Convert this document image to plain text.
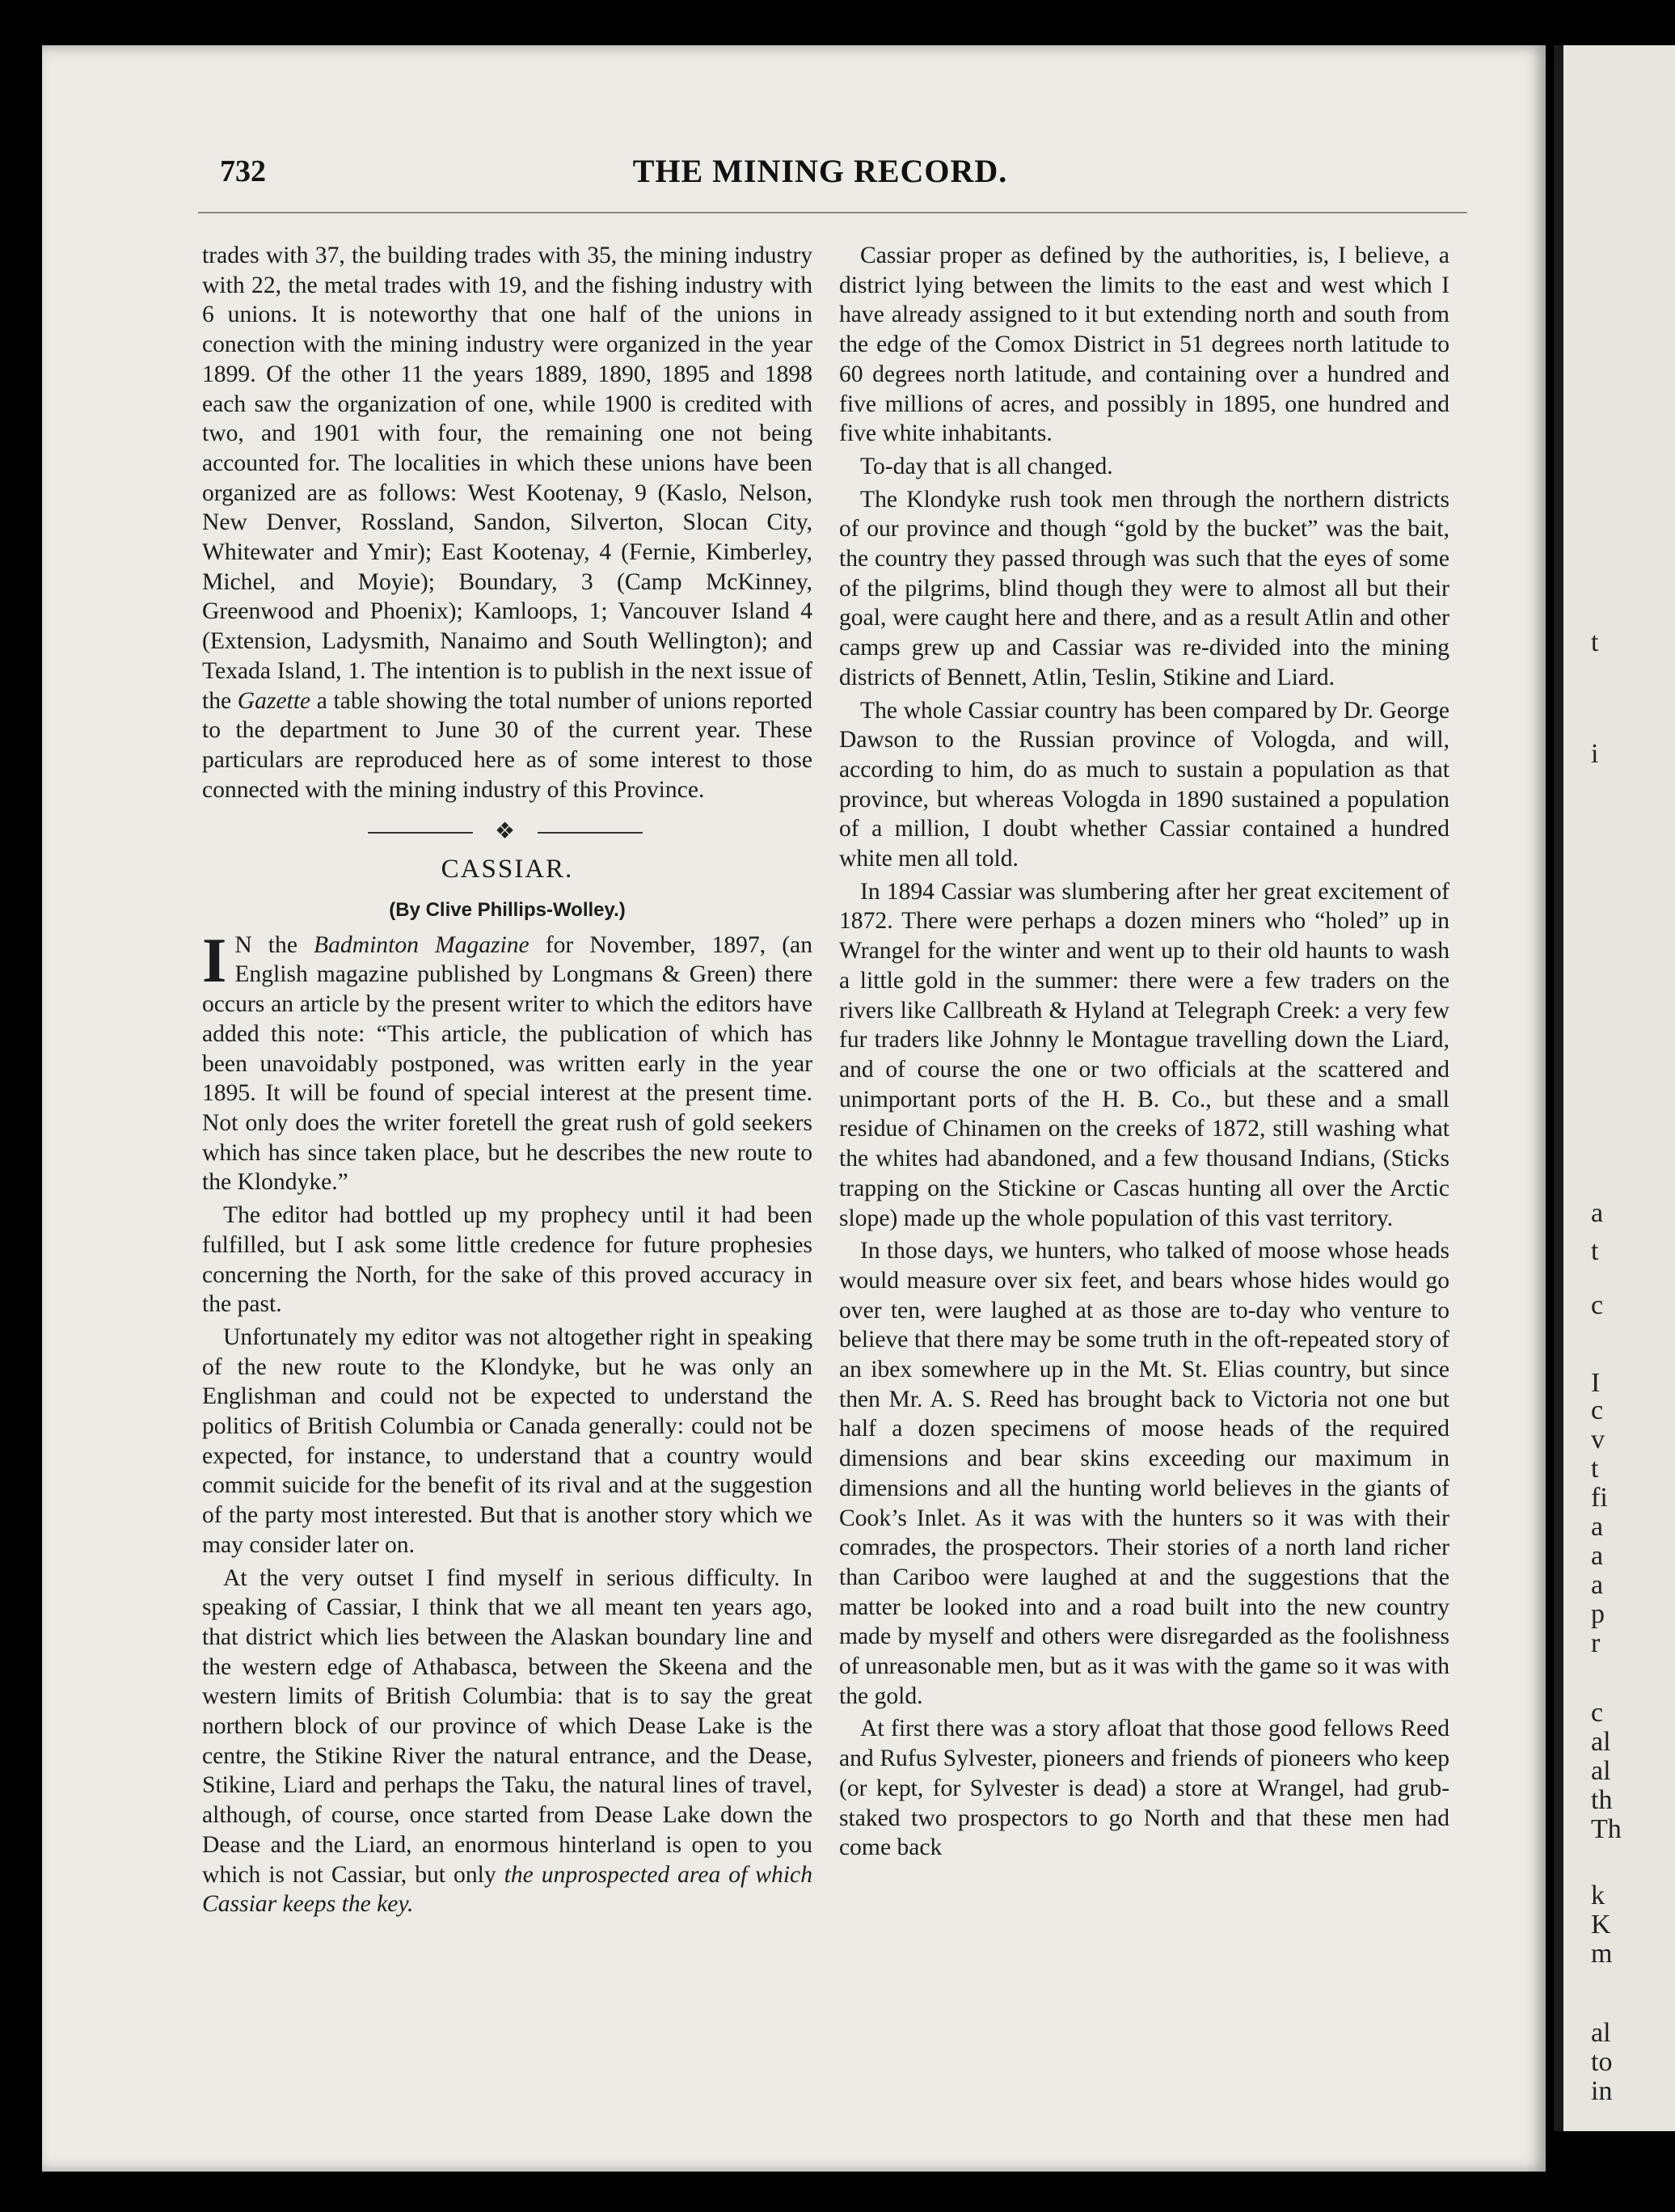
t
i
a
t
c
I
c
v
t
fi
a
a
a
p
r
c
al
al
th
Th
k
K
m
al
to
in
732	THE MINING RECORD.

trades with 37, the building trades with 35, the mining industry with 22, the metal trades with 19, and the fishing industry with 6 unions. It is noteworthy that one half of the unions in conection with the mining industry were organized in the year 1899. Of the other 11 the years 1889, 1890, 1895 and 1898 each saw the organization of one, while 1900 is credited with two, and 1901 with four, the remaining one not being accounted for. The localities in which these unions have been organized are as follows: West Kootenay, 9 (Kaslo, Nelson, New Denver, Rossland, Sandon, Silverton, Slocan City, Whitewater and Ymir); East Kootenay, 4 (Fernie, Kimberley, Michel, and Moyie); Boundary, 3 (Camp McKinney, Greenwood and Phoenix); Kamloops, 1; Vancouver Island 4 (Extension, Ladysmith, Nanaimo and South Wellington); and Texada Island, 1. The intention is to publish in the next issue of the Gazette a table showing the total number of unions reported to the department to June 30 of the current year. These particulars are reproduced here as of some interest to those connected with the mining industry of this Province.

❖
CASSIAR.
(By Clive Phillips-Wolley.)

I N the Badminton Magazine for November, 1897, (an English magazine published by Longmans & Green) there occurs an article by the present writer to which the editors have added this note: “This article, the publication of which has been unavoidably postponed, was written early in the year 1895. It will be found of special interest at the present time. Not only does the writer foretell the great rush of gold seekers which has since taken place, but he describes the new route to the Klondyke.”

The editor had bottled up my prophecy until it had been fulfilled, but I ask some little credence for future prophesies concerning the North, for the sake of this proved accuracy in the past.

Unfortunately my editor was not altogether right in speaking of the new route to the Klondyke, but he was only an Englishman and could not be expected to understand the politics of British Columbia or Canada generally: could not be expected, for instance, to understand that a country would commit suicide for the benefit of its rival and at the suggestion of the party most interested. But that is another story which we may consider later on.

At the very outset I find myself in serious difficulty. In speaking of Cassiar, I think that we all meant ten years ago, that district which lies between the Alaskan boundary line and the western edge of Athabasca, between the Skeena and the western limits of British Columbia: that is to say the great northern block of our province of which Dease Lake is the centre, the Stikine River the natural entrance, and the Dease, Stikine, Liard and perhaps the Taku, the natural lines of travel, although, of course, once started from Dease Lake down the Dease and the Liard, an enormous hinterland is open to you which is not Cassiar, but only the unprospected area of which Cassiar keeps the key.

Cassiar proper as defined by the authorities, is, I believe, a district lying between the limits to the east and west which I have already assigned to it but extending north and south from the edge of the Comox District in 51 degrees north latitude to 60 degrees north latitude, and containing over a hundred and five millions of acres, and possibly in 1895, one hundred and five white inhabitants.

To-day that is all changed.

The Klondyke rush took men through the northern districts of our province and though “gold by the bucket” was the bait, the country they passed through was such that the eyes of some of the pilgrims, blind though they were to almost all but their goal, were caught here and there, and as a result Atlin and other camps grew up and Cassiar was re-divided into the mining districts of Bennett, Atlin, Teslin, Stikine and Liard.

The whole Cassiar country has been compared by Dr. George Dawson to the Russian province of Vologda, and will, according to him, do as much to sustain a population as that province, but whereas Vologda in 1890 sustained a population of a million, I doubt whether Cassiar contained a hundred white men all told.

In 1894 Cassiar was slumbering after her great excitement of 1872. There were perhaps a dozen miners who “holed” up in Wrangel for the winter and went up to their old haunts to wash a little gold in the summer: there were a few traders on the rivers like Callbreath & Hyland at Telegraph Creek: a very few fur traders like Johnny le Montague travelling down the Liard, and of course the one or two officials at the scattered and unimportant ports of the H. B. Co., but these and a small residue of Chinamen on the creeks of 1872, still washing what the whites had abandoned, and a few thousand Indians, (Sticks trapping on the Stickine or Cascas hunting all over the Arctic slope) made up the whole population of this vast territory.

In those days, we hunters, who talked of moose whose heads would measure over six feet, and bears whose hides would go over ten, were laughed at as those are to-day who venture to believe that there may be some truth in the oft-repeated story of an ibex somewhere up in the Mt. St. Elias country, but since then Mr. A. S. Reed has brought back to Victoria not one but half a dozen specimens of moose heads of the required dimensions and bear skins exceeding our maximum in dimensions and all the hunting world believes in the giants of Cook’s Inlet. As it was with the hunters so it was with their comrades, the prospectors. Their stories of a north land richer than Cariboo were laughed at and the suggestions that the matter be looked into and a road built into the new country made by myself and others were disregarded as the foolishness of unreasonable men, but as it was with the game so it was with the gold.

At first there was a story afloat that those good fellows Reed and Rufus Sylvester, pioneers and friends of pioneers who keep (or kept, for Sylvester is dead) a store at Wrangel, had grub-staked two prospectors to go North and that these men had come back
